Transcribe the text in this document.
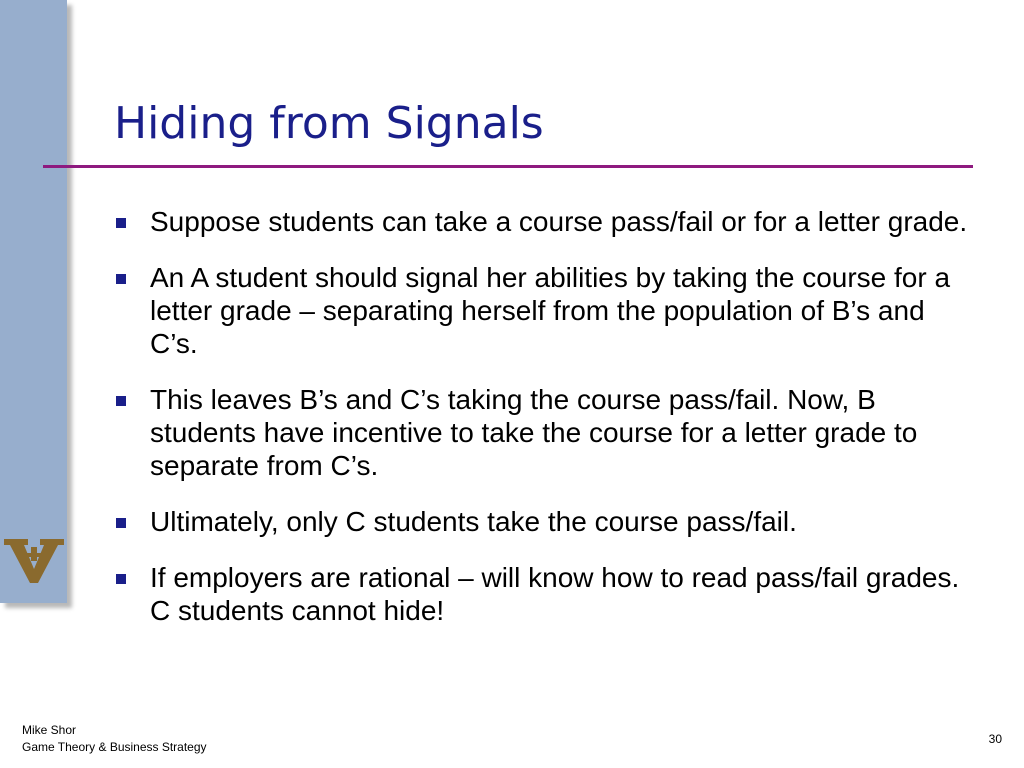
Hiding from Signals
Suppose students can take a course pass/fail or for a letter grade.
An A student should signal her abilities by taking the course for a letter grade – separating herself from the population of B’s and C’s.
This leaves B’s and C’s taking the course pass/fail. Now, B students have incentive to take the course for a letter grade to separate from C’s.
Ultimately, only C students take the course pass/fail.
If employers are rational – will know how to read pass/fail grades. C students cannot hide!
Mike Shor
Game Theory & Business Strategy
30
